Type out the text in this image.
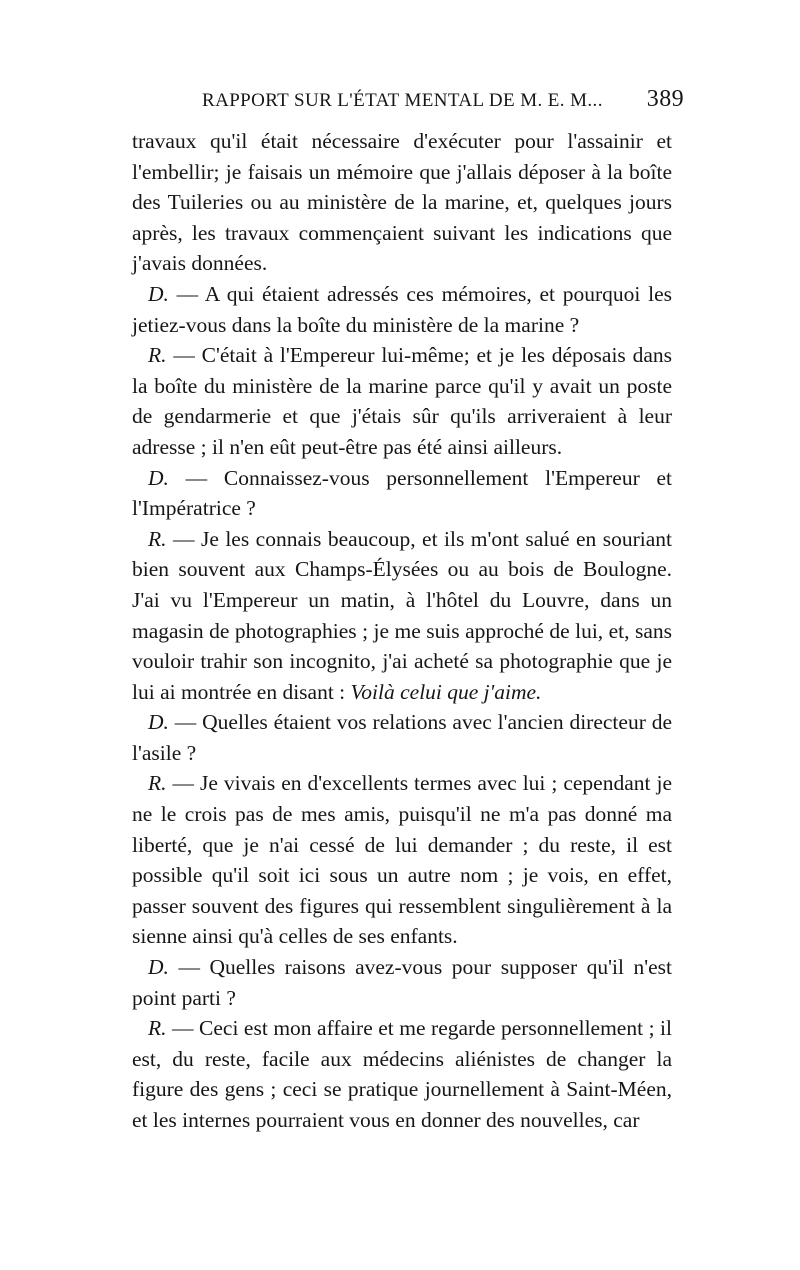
RAPPORT SUR L'ÉTAT MENTAL DE M. E. M... 389

travaux qu'il était nécessaire d'exécuter pour l'assainir et l'embellir; je faisais un mémoire que j'allais déposer à la boîte des Tuileries ou au ministère de la marine, et, quelques jours après, les travaux commençaient suivant les indications que j'avais données.

D. — A qui étaient adressés ces mémoires, et pourquoi les jetiez-vous dans la boîte du ministère de la marine ?

R. — C'était à l'Empereur lui-même; et je les déposais dans la boîte du ministère de la marine parce qu'il y avait un poste de gendarmerie et que j'étais sûr qu'ils arriveraient à leur adresse ; il n'en eût peut-être pas été ainsi ailleurs.

D. — Connaissez-vous personnellement l'Empereur et l'Impératrice ?

R. — Je les connais beaucoup, et ils m'ont salué en souriant bien souvent aux Champs-Élysées ou au bois de Boulogne. J'ai vu l'Empereur un matin, à l'hôtel du Louvre, dans un magasin de photographies ; je me suis approché de lui, et, sans vouloir trahir son incognito, j'ai acheté sa photographie que je lui ai montrée en disant : Voilà celui que j'aime.

D. — Quelles étaient vos relations avec l'ancien directeur de l'asile ?

R. — Je vivais en d'excellents termes avec lui ; cependant je ne le crois pas de mes amis, puisqu'il ne m'a pas donné ma liberté, que je n'ai cessé de lui demander ; du reste, il est possible qu'il soit ici sous un autre nom ; je vois, en effet, passer souvent des figures qui ressemblent singulièrement à la sienne ainsi qu'à celles de ses enfants.

D. — Quelles raisons avez-vous pour supposer qu'il n'est point parti ?

R. — Ceci est mon affaire et me regarde personnellement ; il est, du reste, facile aux médecins aliénistes de changer la figure des gens ; ceci se pratique journellement à Saint-Méen, et les internes pourraient vous en donner des nouvelles, car
